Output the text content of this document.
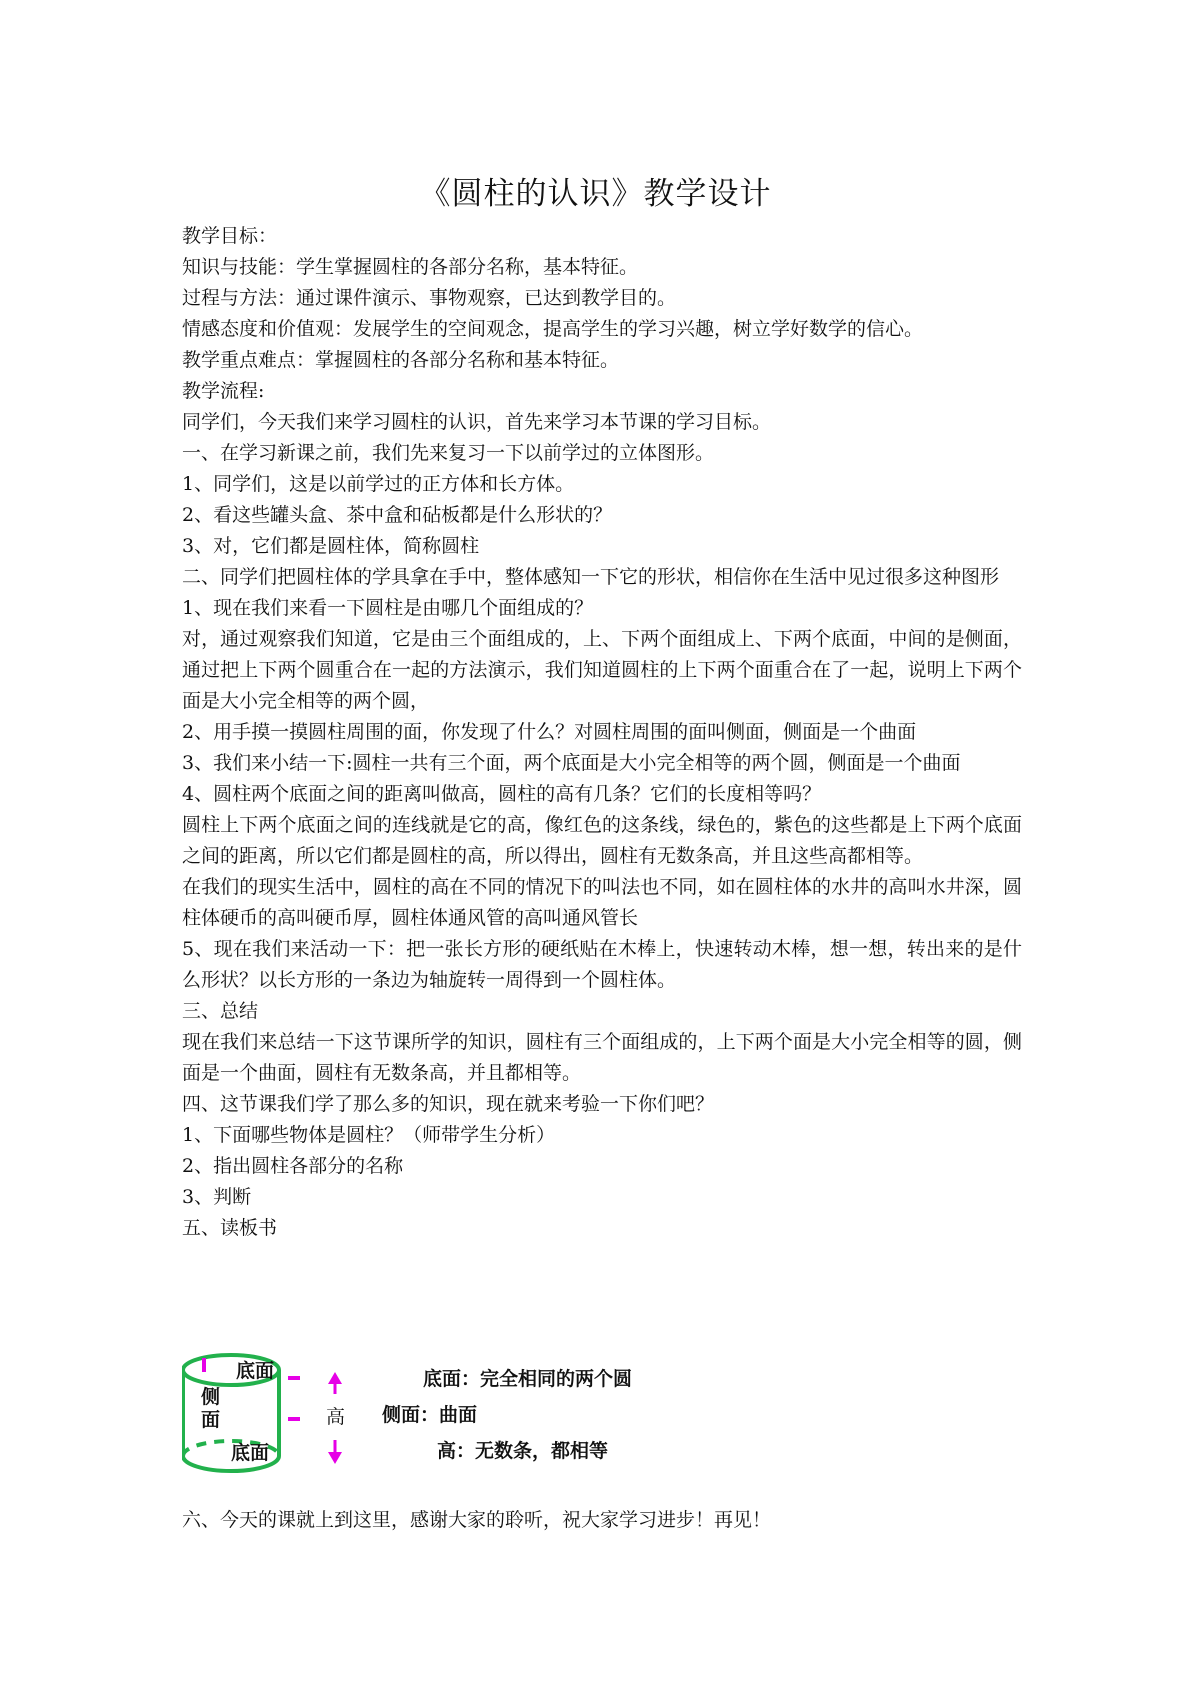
《圆柱的认识》教学设计

教学目标：

知识与技能：学生掌握圆柱的各部分名称，基本特征。

过程与方法：通过课件演示、事物观察，已达到教学目的。

情感态度和价值观：发展学生的空间观念，提高学生的学习兴趣，树立学好数学的信心。

教学重点难点：掌握圆柱的各部分名称和基本特征。

教学流程:

同学们，今天我们来学习圆柱的认识，首先来学习本节课的学习目标。

一、在学习新课之前，我们先来复习一下以前学过的立体图形。

1、同学们，这是以前学过的正方体和长方体。

2、看这些罐头盒、茶中盒和砧板都是什么形状的？

3、对，它们都是圆柱体，简称圆柱

二、同学们把圆柱体的学具拿在手中，整体感知一下它的形状，相信你在生活中见过很多这种图形

1、现在我们来看一下圆柱是由哪几个面组成的？

对，通过观察我们知道，它是由三个面组成的，上、下两个面组成上、下两个底面，中间的是侧面，通过把上下两个圆重合在一起的方法演示，我们知道圆柱的上下两个面重合在了一起，说明上下两个面是大小完全相等的两个圆，

2、用手摸一摸圆柱周围的面，你发现了什么？对圆柱周围的面叫侧面，侧面是一个曲面

3、我们来小结一下:圆柱一共有三个面，两个底面是大小完全相等的两个圆，侧面是一个曲面

4、圆柱两个底面之间的距离叫做高，圆柱的高有几条？它们的长度相等吗？

圆柱上下两个底面之间的连线就是它的高，像红色的这条线，绿色的，紫色的这些都是上下两个底面之间的距离，所以它们都是圆柱的高，所以得出，圆柱有无数条高，并且这些高都相等。

在我们的现实生活中，圆柱的高在不同的情况下的叫法也不同，如在圆柱体的水井的高叫水井深，圆柱体硬币的高叫硬币厚，圆柱体通风管的高叫通风管长

5、现在我们来活动一下：把一张长方形的硬纸贴在木棒上，快速转动木棒，想一想，转出来的是什么形状？以长方形的一条边为轴旋转一周得到一个圆柱体。

三、总结

现在我们来总结一下这节课所学的知识，圆柱有三个面组成的，上下两个面是大小完全相等的圆，侧面是一个曲面，圆柱有无数条高，并且都相等。

四、这节课我们学了那么多的知识，现在就来考验一下你们吧？

1、下面哪些物体是圆柱？（师带学生分析）

2、指出圆柱各部分的名称

3、判断

五、读板书

底面
侧
面
底面
高
底面：完全相同的两个圆
侧面：曲面
高：无数条，都相等
六、今天的课就上到这里，感谢大家的聆听，祝大家学习进步！再见！
